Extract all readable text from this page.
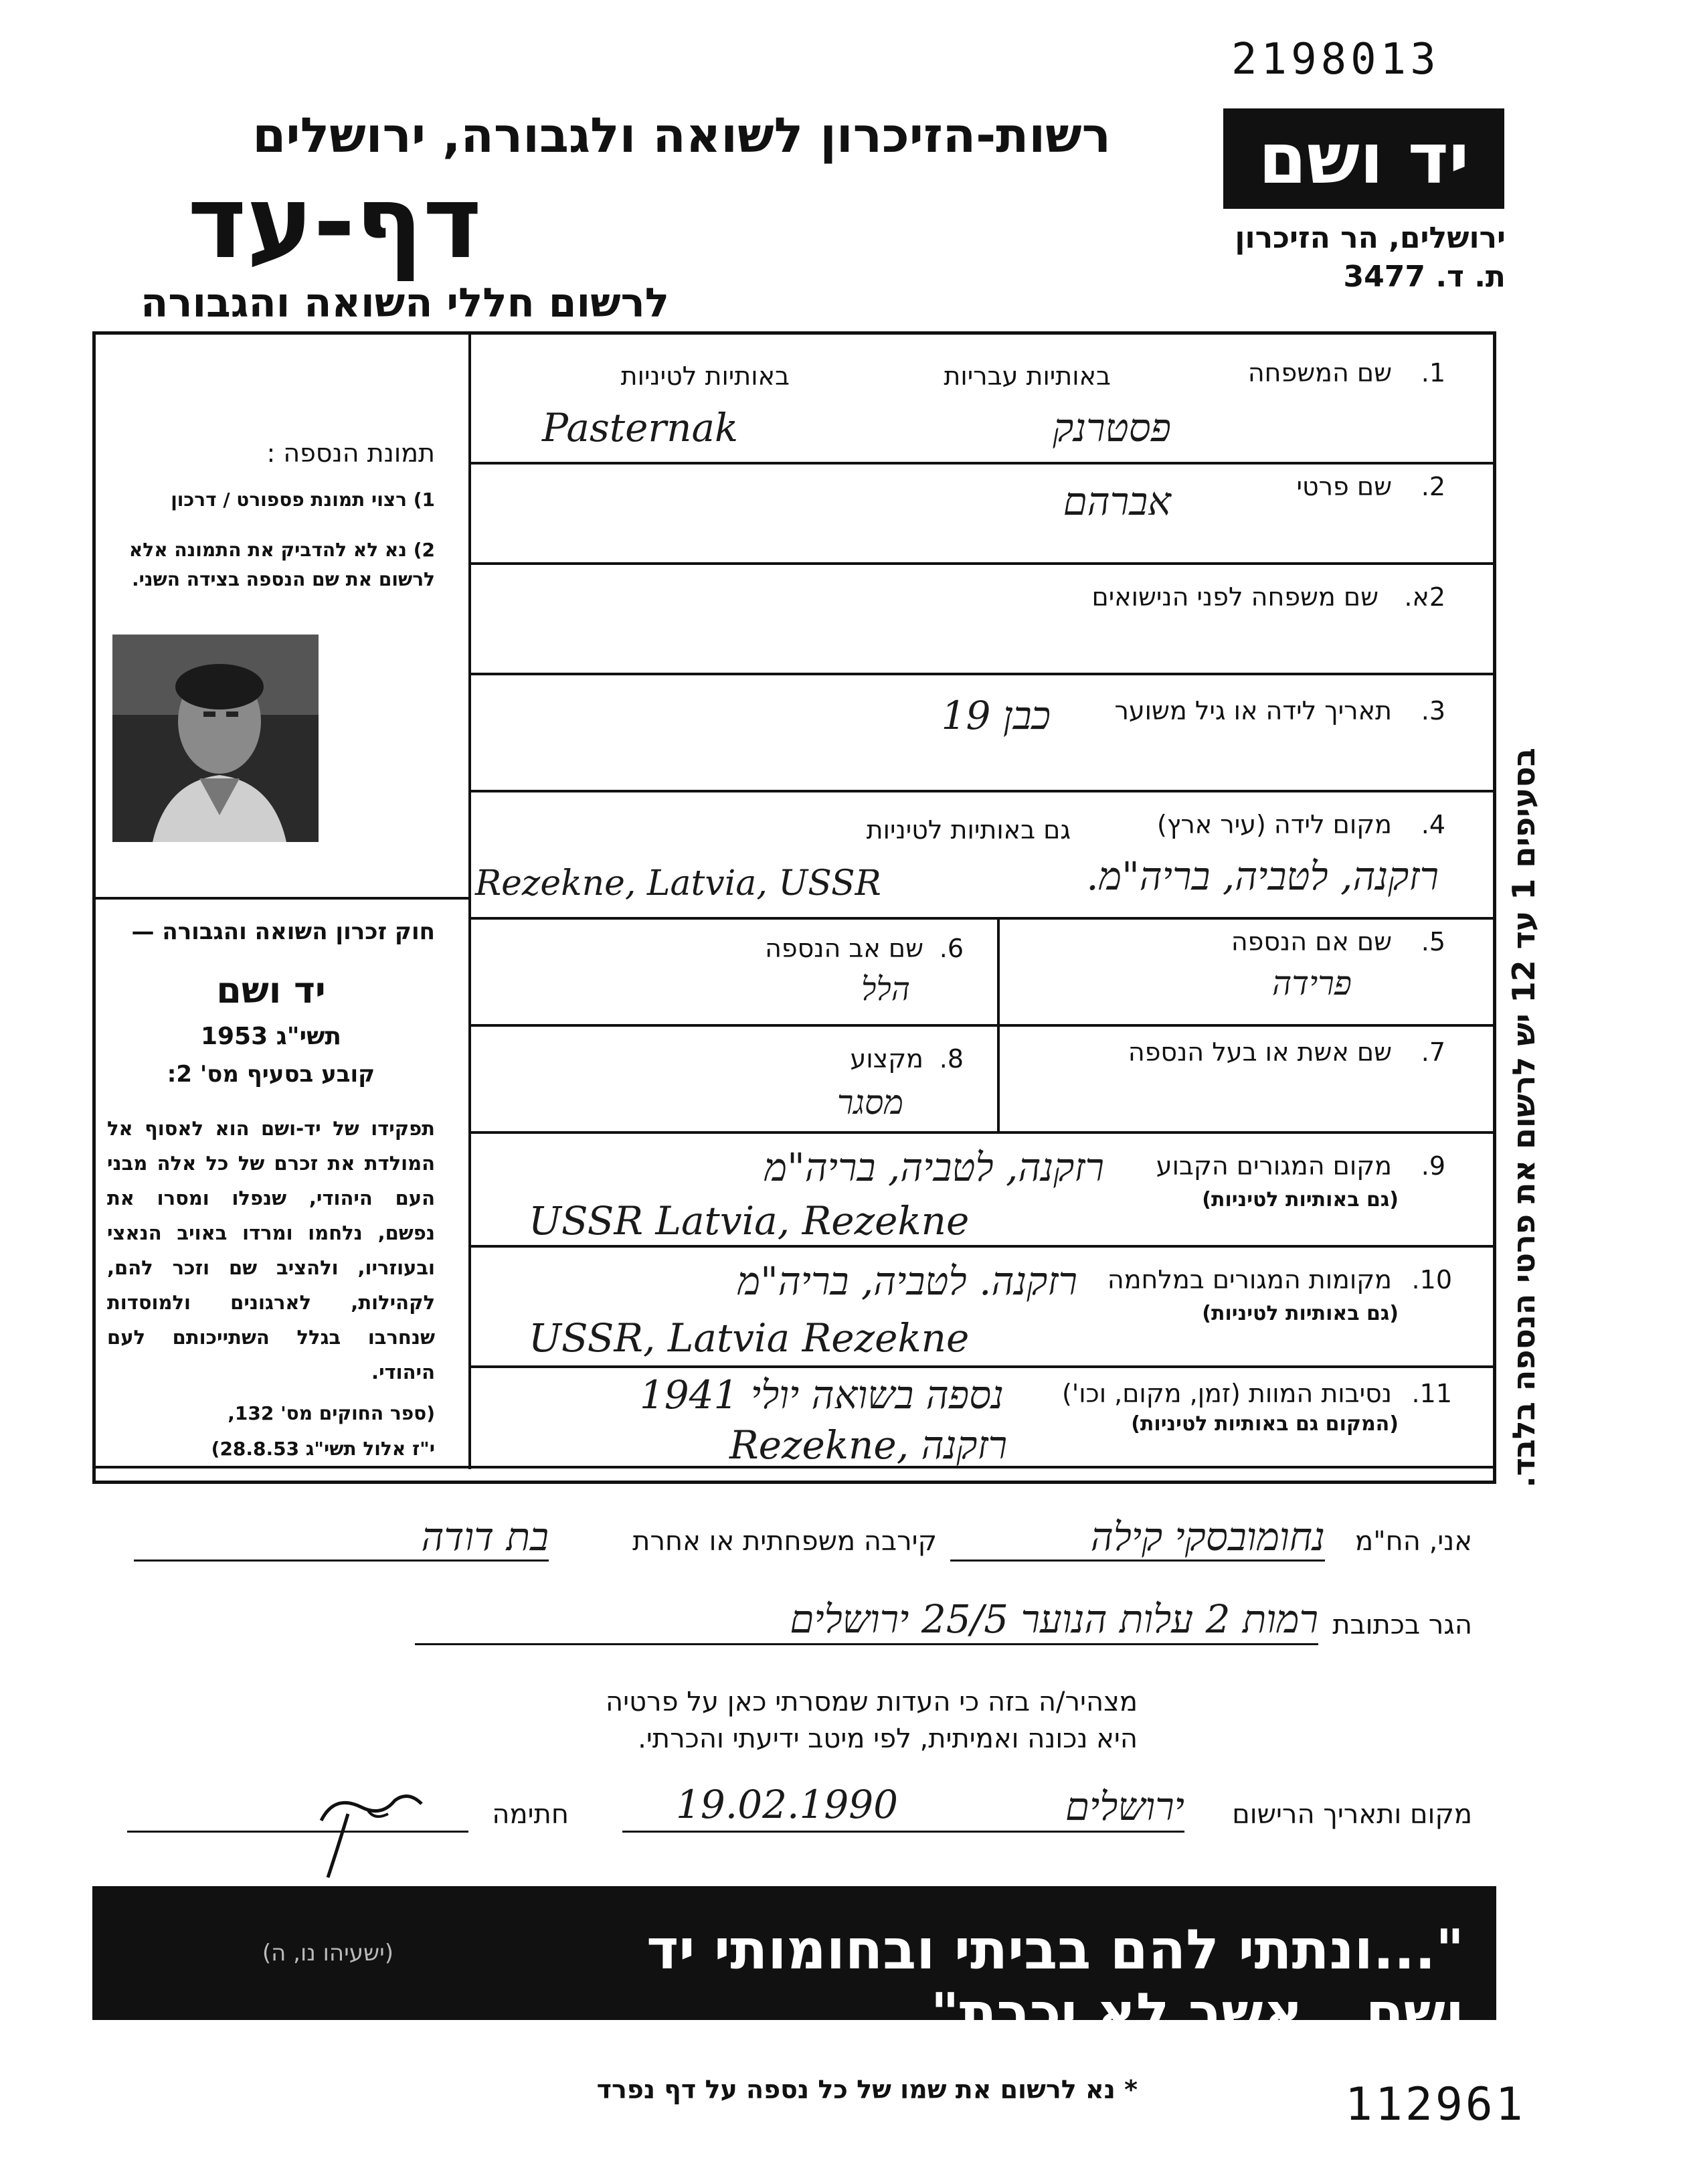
2198013
יד ושם
ירושלים, הר הזיכרון
ת. ד. 3477
רשות-הזיכרון לשואה ולגבורה, ירושלים
דף-עד
לרשום חללי השואה והגבורה
תמונת הנספה :
1) רצוי תמונת פספורט / דרכון
2) נא לא להדביק את התמונה אלא לרשום את שם הנספה בצידה השני.
חוק זכרון השואה והגבורה —
יד ושם
תשי"ג 1953
קובע בסעיף מס' 2:
תפקידו של יד-ושם הוא לאסוף אל המולדת את זכרם של כל אלה מבני העם היהודי, שנפלו ומסרו את נפשם, נלחמו ומרדו באויב הנאצי ובעוזריו, ולהציב שם וזכר להם, לקהילות, לארגונים ולמוסדות שנחרבו בגלל השתייכותם לעם היהודי.
(ספר החוקים מס' 132,
י"ז אלול תשי"ג 28.8.53)
1.
שם המשפחה
באותיות עבריות
באותיות לטיניות
פסטרנק
Pasternak
2.
שם פרטי
אברהם
2א.
שם משפחה לפני הנישואים
3.
תאריך לידה או גיל משוער
כבן 19
4.
מקום לידה (עיר ארץ)
גם באותיות לטיניות
רזקנה, לטביה, בריה"מ.
Rezekne, Latvia, USSR
5.
שם אם הנספה
פרידה
6.
שם אב הנספה
הלל
7.
שם אשת או בעל הנספה
8.
מקצוע
מסגר
9.
מקום המגורים הקבוע
(גם באותיות לטיניות)
רזקנה, לטביה, בריה"מ
USSR Latvia, Rezekne
10.
מקומות המגורים במלחמה
(גם באותיות לטיניות)
רזקנה. לטביה, בריה"מ
USSR, Latvia Rezekne
11.
נסיבות המוות (זמן, מקום, וכו')
(המקום גם באותיות לטיניות)
נספה בשואה יולי 1941
Rezekne, רזקנה	בסעיפים 1 עד 12 יש לרשום את פרטי הנספה בלבד.
אני, הח"מ
נחומובסקי קילה
קירבה משפחתית או אחרת
בת דודה
הגר בכתובת
רמות 2 עלות הנוער 25/5 ירושלים
מצהיר/ה בזה כי העדות שמסרתי כאן על פרטיה
היא נכונה ואמיתית, לפי מיטב ידיעתי והכרתי.
מקום ותאריך הרישום
ירושלים
19.02.1990
חתימה
"...ונתתי להם בביתי ובחומותי יד ושם...אשר לא יכרת"
(ישעיהו נו, ה)
* נא לרשום את שמו של כל נספה על דף נפרד	112961
